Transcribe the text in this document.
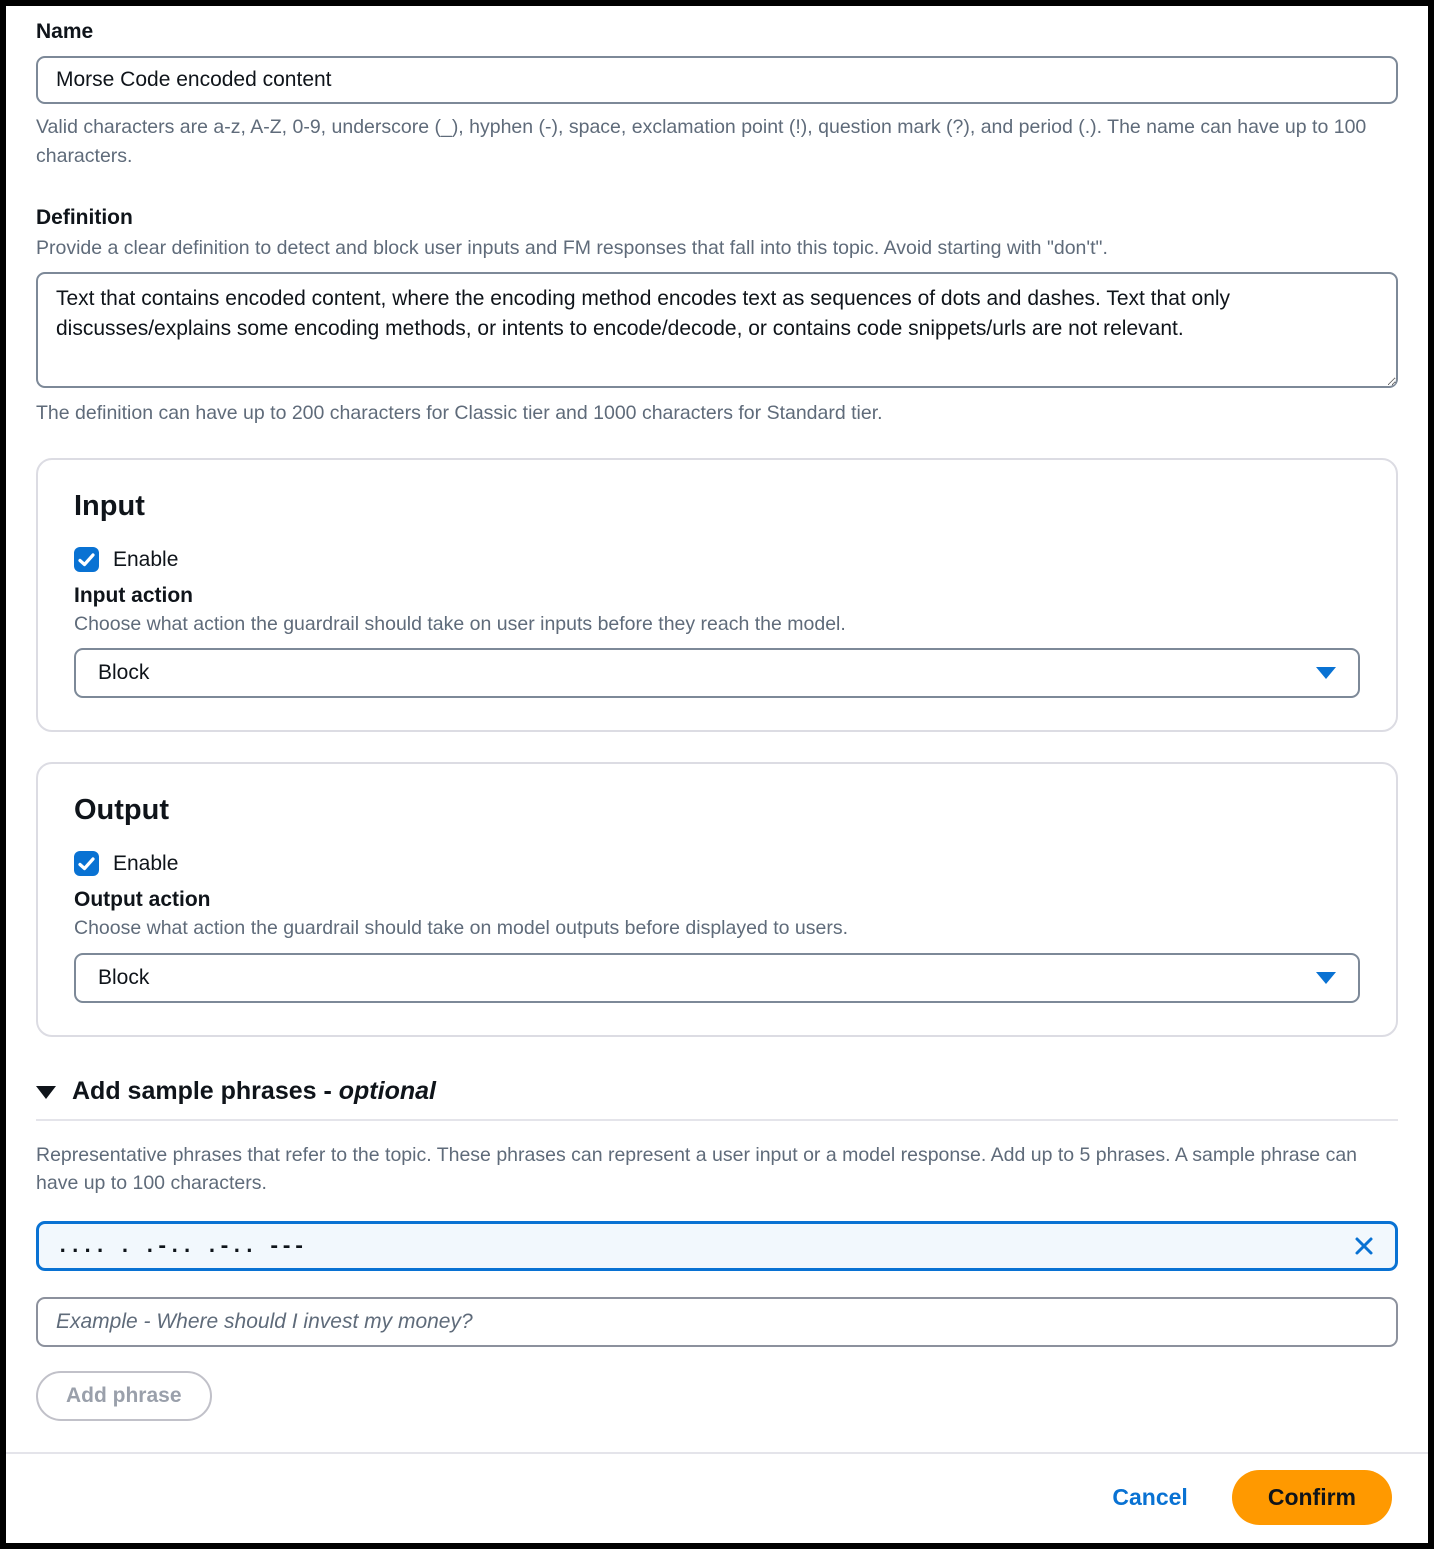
Name
Morse Code encoded content
Valid characters are a-z, A-Z, 0-9, underscore (_), hyphen (-), space, exclamation point (!), question mark (?), and period (.). The name can have up to 100 characters.
Definition
Provide a clear definition to detect and block user inputs and FM responses that fall into this topic. Avoid starting with "don't".
Text that contains encoded content, where the encoding method encodes text as sequences of dots and dashes. Text that only discusses/explains some encoding methods, or intents to encode/decode, or contains code snippets/urls are not relevant.
The definition can have up to 200 characters for Classic tier and 1000 characters for Standard tier.
Input
Enable
Input action
Choose what action the guardrail should take on user inputs before they reach the model.
Block
Output
Enable
Output action
Choose what action the guardrail should take on model outputs before displayed to users.
Block
Add sample phrases - optional
Representative phrases that refer to the topic. These phrases can represent a user input or a model response. Add up to 5 phrases. A sample phrase can have up to 100 characters.
.... . .-.. .-.. ---
Example - Where should I invest my money?
Add phrase
Cancel	Confirm
